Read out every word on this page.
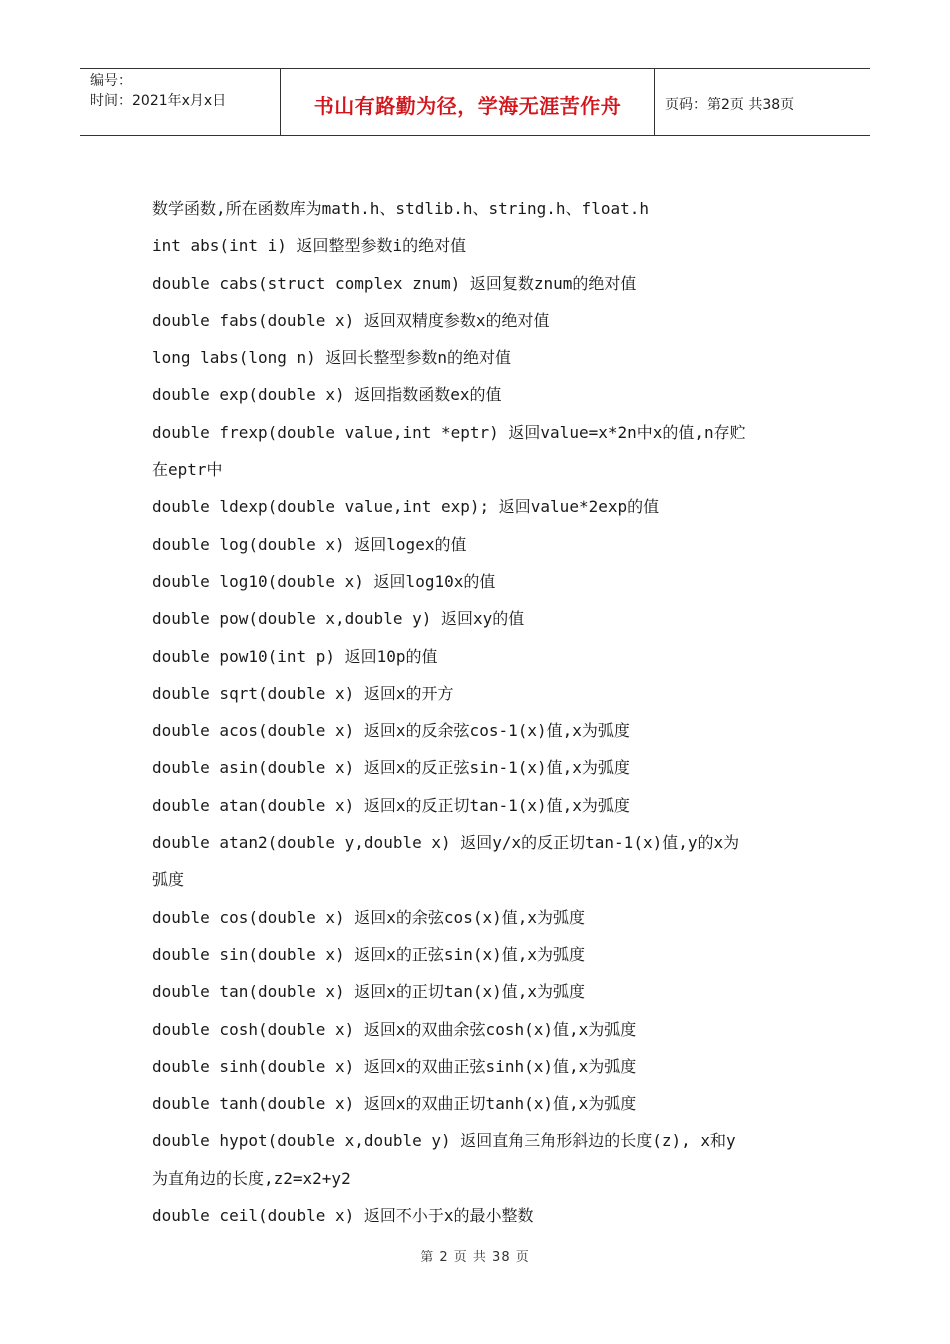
编号：
时间：2021年x月x日	书山有路勤为径，学海无涯苦作舟	页码：第2页 共38页
数学函数,所在函数库为math.h、stdlib.h、string.h、float.h
int abs(int i) 返回整型参数i的绝对值
double cabs(struct complex znum) 返回复数znum的绝对值
double fabs(double x) 返回双精度参数x的绝对值
long labs(long n) 返回长整型参数n的绝对值
double exp(double x) 返回指数函数ex的值
double frexp(double value,int *eptr) 返回value=x*2n中x的值,n存贮
在eptr中
double ldexp(double value,int exp); 返回value*2exp的值
double log(double x) 返回logex的值
double log10(double x) 返回log10x的值
double pow(double x,double y) 返回xy的值
double pow10(int p) 返回10p的值
double sqrt(double x) 返回x的开方
double acos(double x) 返回x的反余弦cos-1(x)值,x为弧度
double asin(double x) 返回x的反正弦sin-1(x)值,x为弧度
double atan(double x) 返回x的反正切tan-1(x)值,x为弧度
double atan2(double y,double x) 返回y/x的反正切tan-1(x)值,y的x为
弧度
double cos(double x) 返回x的余弦cos(x)值,x为弧度
double sin(double x) 返回x的正弦sin(x)值,x为弧度
double tan(double x) 返回x的正切tan(x)值,x为弧度
double cosh(double x) 返回x的双曲余弦cosh(x)值,x为弧度
double sinh(double x) 返回x的双曲正弦sinh(x)值,x为弧度
double tanh(double x) 返回x的双曲正切tanh(x)值,x为弧度
double hypot(double x,double y) 返回直角三角形斜边的长度(z), x和y
为直角边的长度,z2=x2+y2
double ceil(double x) 返回不小于x的最小整数
第 2 页 共 38 页
